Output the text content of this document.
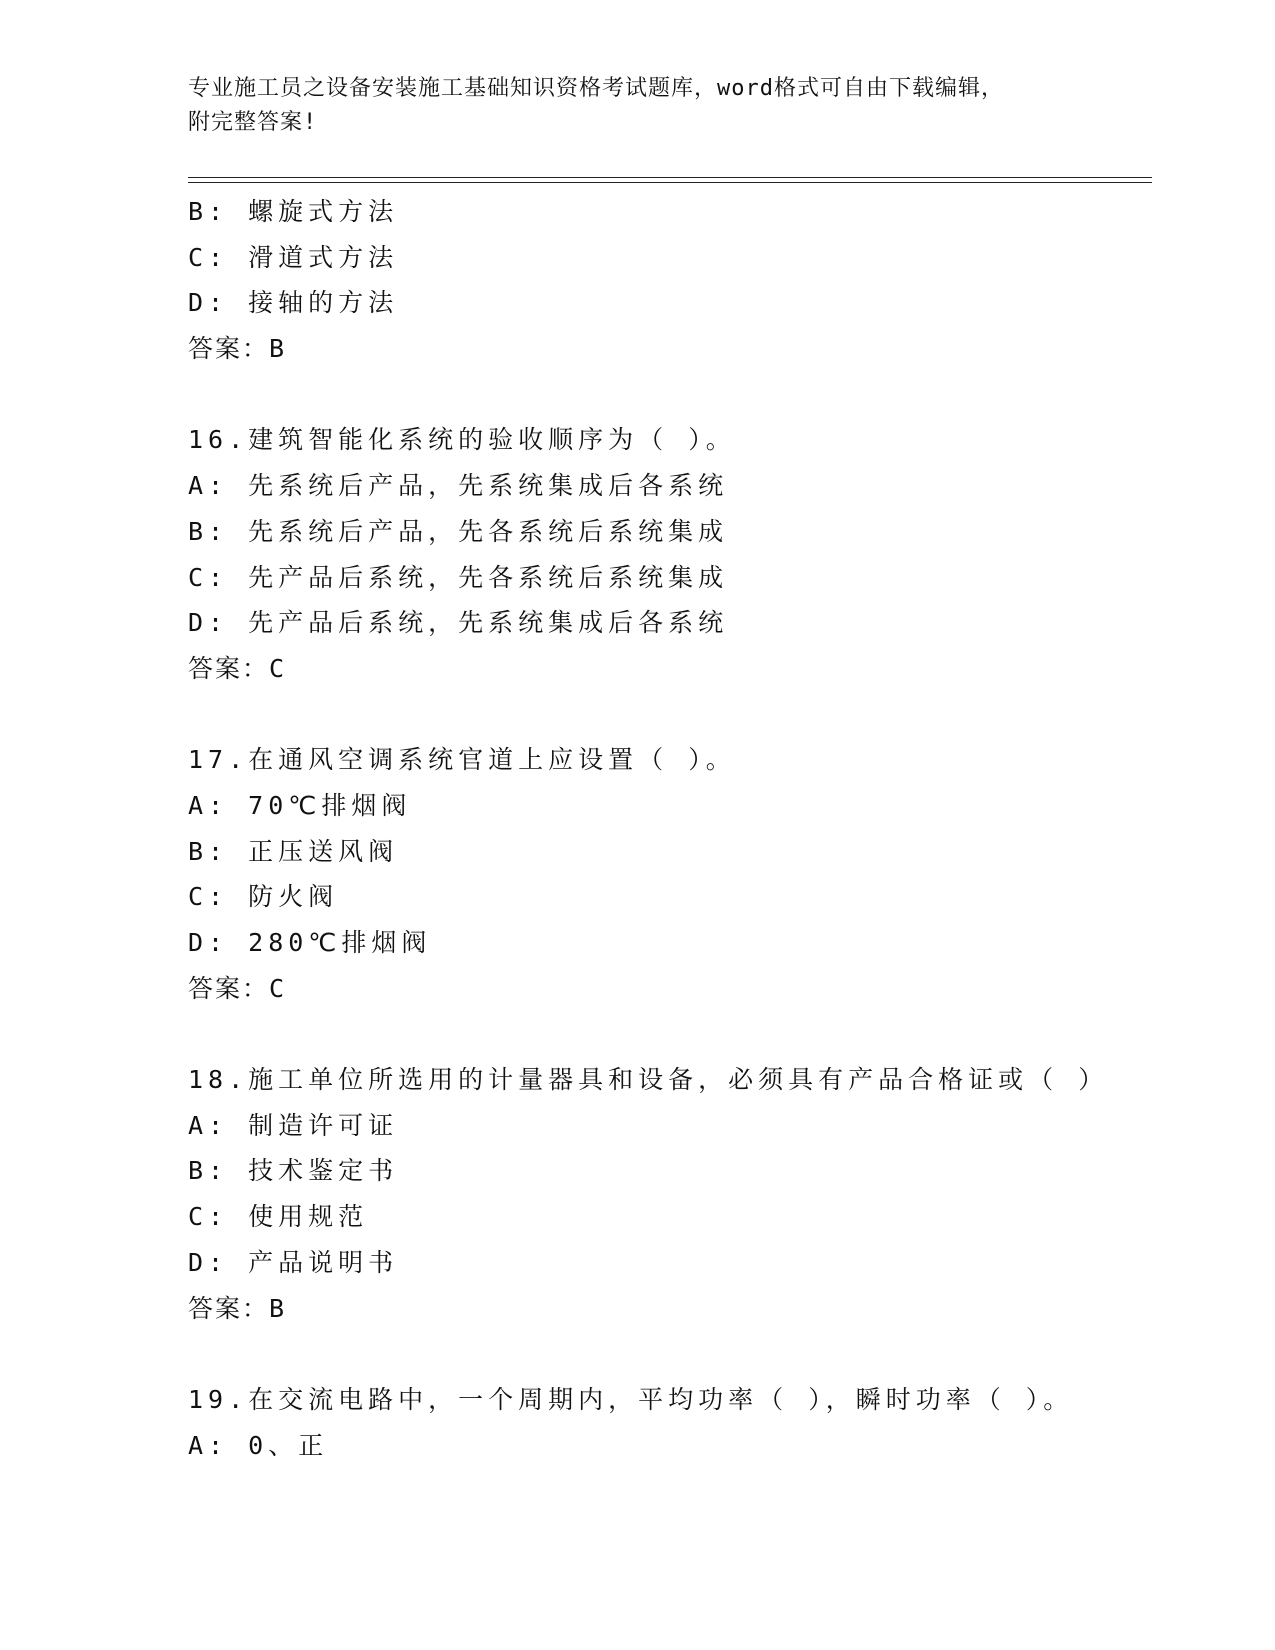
专业施工员之设备安装施工基础知识资格考试题库，word格式可自由下载编辑，
附完整答案!
B: 螺旋式方法
C: 滑道式方法
D: 接轴的方法
答案：B
16.建筑智能化系统的验收顺序为（ ）。
A: 先系统后产品，先系统集成后各系统
B: 先系统后产品，先各系统后系统集成
C: 先产品后系统，先各系统后系统集成
D: 先产品后系统，先系统集成后各系统
答案：C
17.在通风空调系统官道上应设置（ ）。
A: 70℃排烟阀
B: 正压送风阀
C: 防火阀
D: 280℃排烟阀
答案：C
18.施工单位所选用的计量器具和设备，必须具有产品合格证或（ ）
A: 制造许可证
B: 技术鉴定书
C: 使用规范
D: 产品说明书
答案：B
19.在交流电路中，一个周期内，平均功率（ ），瞬时功率（ ）。
A: 0、正
